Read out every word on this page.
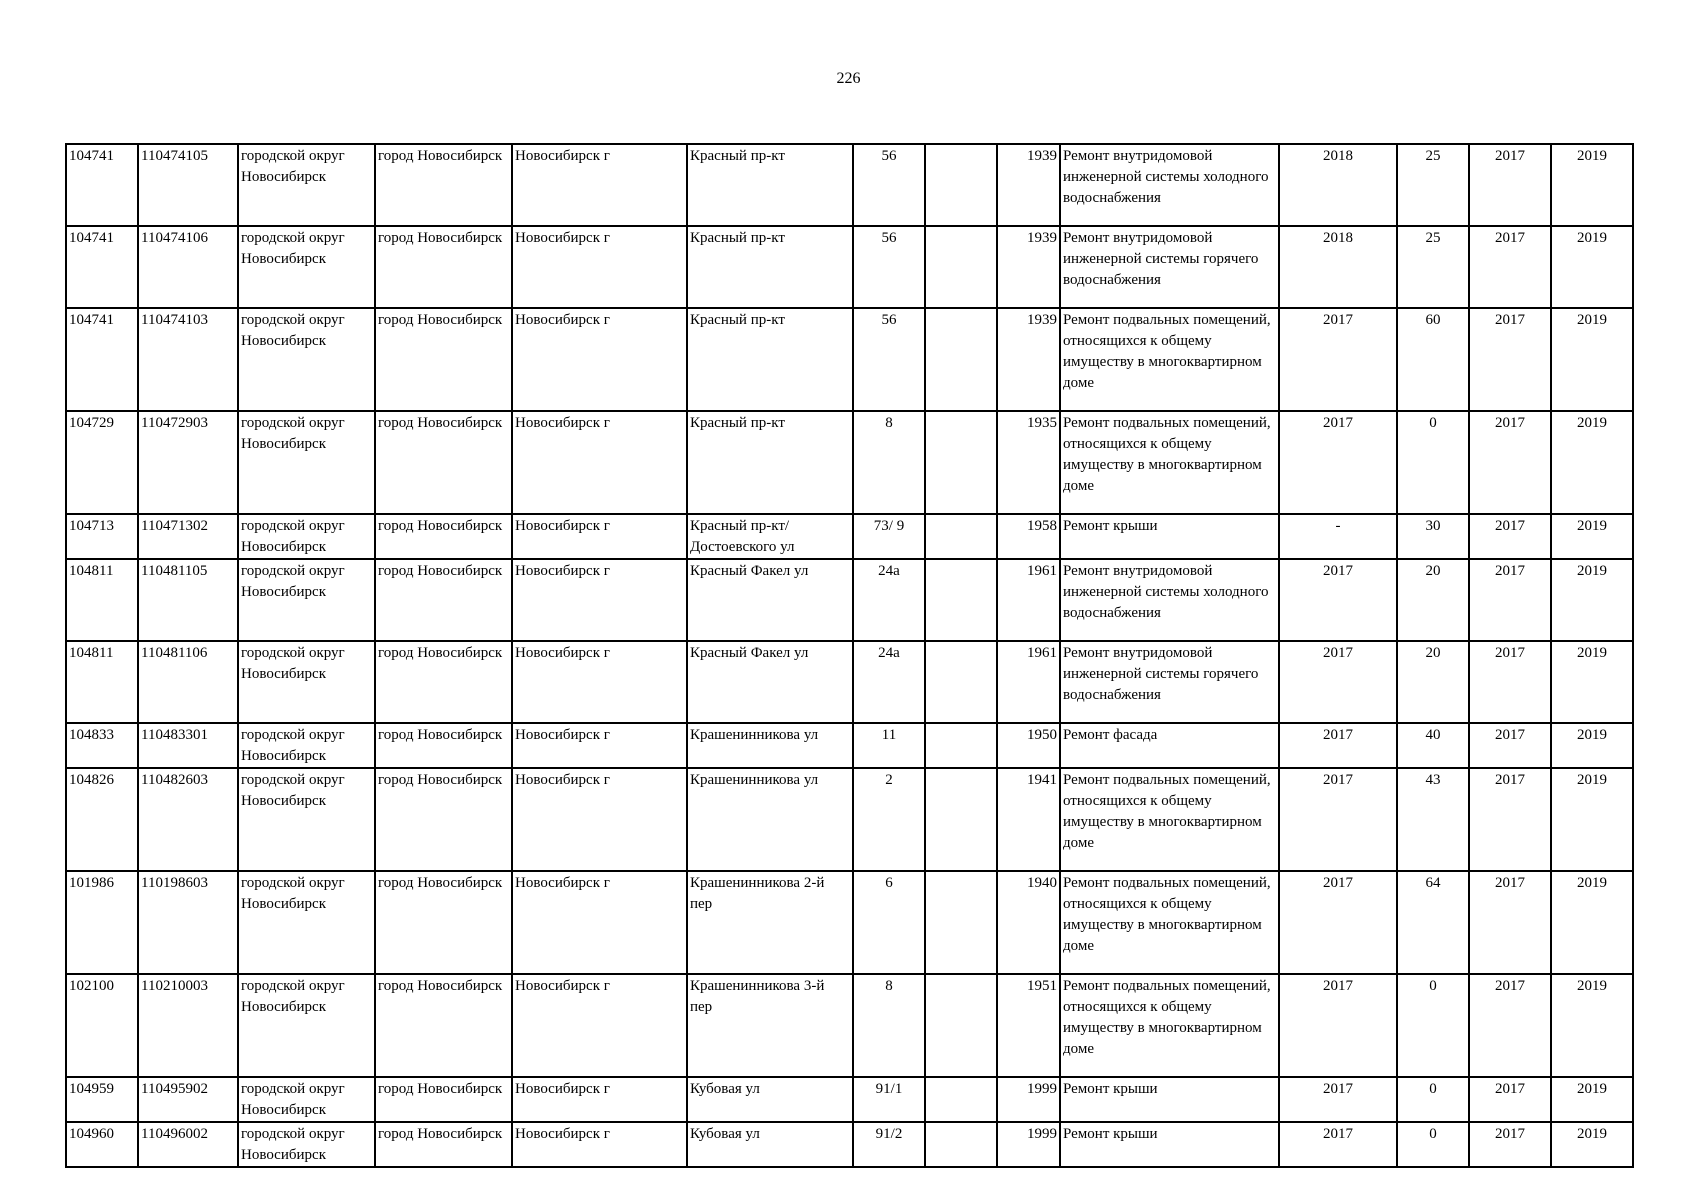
226
104741	110474105	городской округ Новосибирск	город Новосибирск	Новосибирск г	Красный пр-кт	56		1939	Ремонт внутридомовой инженерной системы холодного водоснабжения	2018	25	2017	2019
104741	110474106	городской округ Новосибирск	город Новосибирск	Новосибирск г	Красный пр-кт	56		1939	Ремонт внутридомовой инженерной системы горячего водоснабжения	2018	25	2017	2019
104741	110474103	городской округ Новосибирск	город Новосибирск	Новосибирск г	Красный пр-кт	56		1939	Ремонт подвальных помещений, относящихся к общему имуществу в многоквартирном доме	2017	60	2017	2019
104729	110472903	городской округ Новосибирск	город Новосибирск	Новосибирск г	Красный пр-кт	8		1935	Ремонт подвальных помещений, относящихся к общему имуществу в многоквартирном доме	2017	0	2017	2019
104713	110471302	городской округ Новосибирск	город Новосибирск	Новосибирск г	Красный пр-кт/ Достоевского ул	73/ 9		1958	Ремонт крыши	-	30	2017	2019
104811	110481105	городской округ Новосибирск	город Новосибирск	Новосибирск г	Красный Факел ул	24а		1961	Ремонт внутридомовой инженерной системы холодного водоснабжения	2017	20	2017	2019
104811	110481106	городской округ Новосибирск	город Новосибирск	Новосибирск г	Красный Факел ул	24а		1961	Ремонт внутридомовой инженерной системы горячего водоснабжения	2017	20	2017	2019
104833	110483301	городской округ Новосибирск	город Новосибирск	Новосибирск г	Крашенинникова ул	11		1950	Ремонт фасада	2017	40	2017	2019
104826	110482603	городской округ Новосибирск	город Новосибирск	Новосибирск г	Крашенинникова ул	2		1941	Ремонт подвальных помещений, относящихся к общему имуществу в многоквартирном доме	2017	43	2017	2019
101986	110198603	городской округ Новосибирск	город Новосибирск	Новосибирск г	Крашенинникова 2-й пер	6		1940	Ремонт подвальных помещений, относящихся к общему имуществу в многоквартирном доме	2017	64	2017	2019
102100	110210003	городской округ Новосибирск	город Новосибирск	Новосибирск г	Крашенинникова 3-й пер	8		1951	Ремонт подвальных помещений, относящихся к общему имуществу в многоквартирном доме	2017	0	2017	2019
104959	110495902	городской округ Новосибирск	город Новосибирск	Новосибирск г	Кубовая ул	91/1		1999	Ремонт крыши	2017	0	2017	2019
104960	110496002	городской округ Новосибирск	город Новосибирск	Новосибирск г	Кубовая ул	91/2		1999	Ремонт крыши	2017	0	2017	2019
